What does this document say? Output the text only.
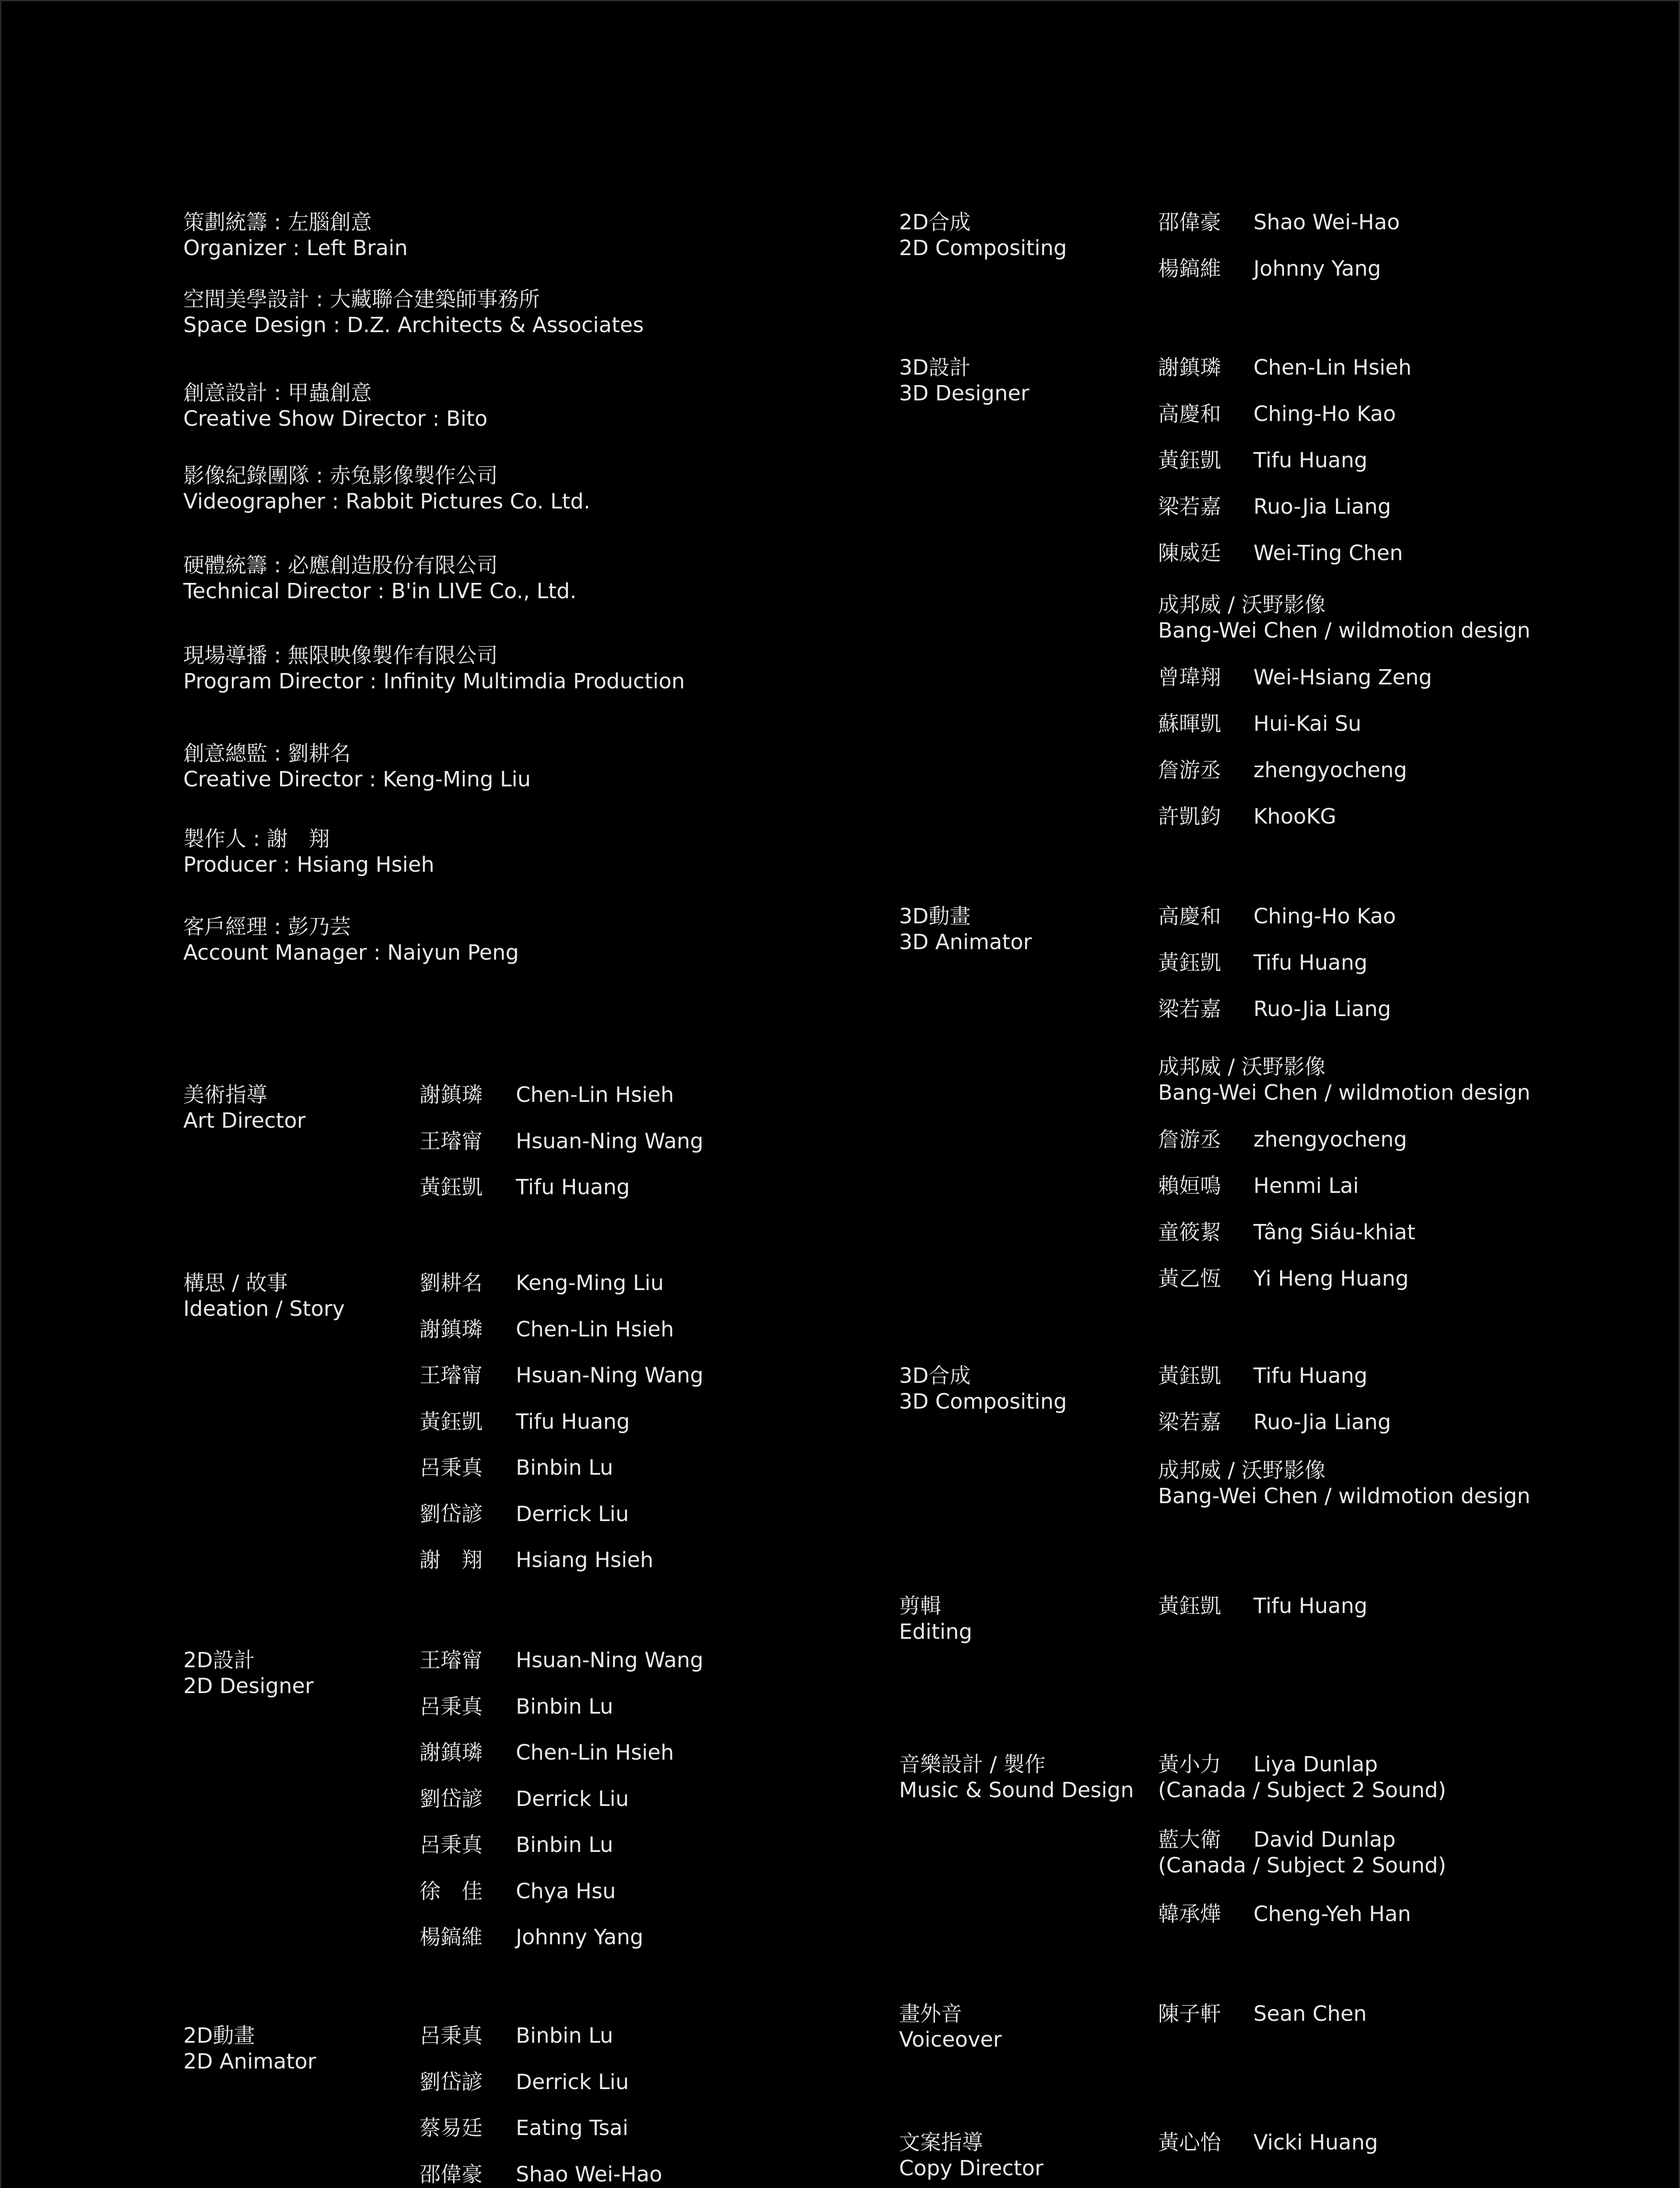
策劃統籌 : 左腦創意
Organizer : Left Brain
空間美學設計 : 大藏聯合建築師事務所
Space Design : D.Z. Architects & Associates
創意設計 : 甲蟲創意
Creative Show Director : Bito
影像紀錄團隊 : 赤兔影像製作公司
Videographer : Rabbit Pictures Co. Ltd.
硬體統籌 : 必應創造股份有限公司
Technical Director : B'in LIVE Co., Ltd.
現場導播 : 無限映像製作有限公司
Program Director : Infinity Multimdia Production
創意總監 : 劉耕名
Creative Director : Keng-Ming Liu
製作人 : 謝　翔
Producer : Hsiang Hsieh
客戶經理 : 彭乃芸
Account Manager : Naiyun Peng
美術指導
Art Director
謝鎮璘 Chen-Lin Hsieh
王璿甯 Hsuan-Ning Wang
黃鈺凱 Tifu Huang
構思 / 故事
Ideation / Story
劉耕名 Keng-Ming Liu
謝鎮璘 Chen-Lin Hsieh
王璿甯 Hsuan-Ning Wang
黃鈺凱 Tifu Huang
呂秉真 Binbin Lu
劉岱諺 Derrick Liu
謝　翔 Hsiang Hsieh
2D設計
2D Designer
王璿甯 Hsuan-Ning Wang
呂秉真 Binbin Lu
謝鎮璘 Chen-Lin Hsieh
劉岱諺 Derrick Liu
呂秉真 Binbin Lu
徐　佳 Chya Hsu
楊鎬維 Johnny Yang
2D動畫
2D Animator
呂秉真 Binbin Lu
劉岱諺 Derrick Liu
蔡易廷 Eating Tsai
邵偉豪 Shao Wei-Hao
2D合成
2D Compositing
邵偉豪 Shao Wei-Hao
楊鎬維 Johnny Yang
3D設計
3D Designer
謝鎮璘 Chen-Lin Hsieh
高慶和 Ching-Ho Kao
黃鈺凱 Tifu Huang
梁若嘉 Ruo-Jia Liang
陳威廷 Wei-Ting Chen
成邦威 / 沃野影像
Bang-Wei Chen / wildmotion design
曾瑋翔 Wei-Hsiang Zeng
蘇暉凱 Hui-Kai Su
詹游丞 zhengyocheng
許凱鈞 KhooKG
3D動畫
3D Animator
高慶和 Ching-Ho Kao
黃鈺凱 Tifu Huang
梁若嘉 Ruo-Jia Liang
成邦威 / 沃野影像
Bang-Wei Chen / wildmotion design
詹游丞 zhengyocheng
賴姮鳴 Henmi Lai
童筱絜 Tâng Siáu-khiat
黃乙恆 Yi Heng Huang
3D合成
3D Compositing
黃鈺凱 Tifu Huang
梁若嘉 Ruo-Jia Liang
成邦威 / 沃野影像
Bang-Wei Chen / wildmotion design
剪輯
Editing
黃鈺凱 Tifu Huang
音樂設計 / 製作
Music & Sound Design
黃小力 Liya Dunlap
(Canada / Subject 2 Sound)
藍大衛 David Dunlap
(Canada / Subject 2 Sound)
韓承燁 Cheng-Yeh Han
畫外音
Voiceover
陳子軒 Sean Chen
文案指導
Copy Director
黃心怡 Vicki Huang
